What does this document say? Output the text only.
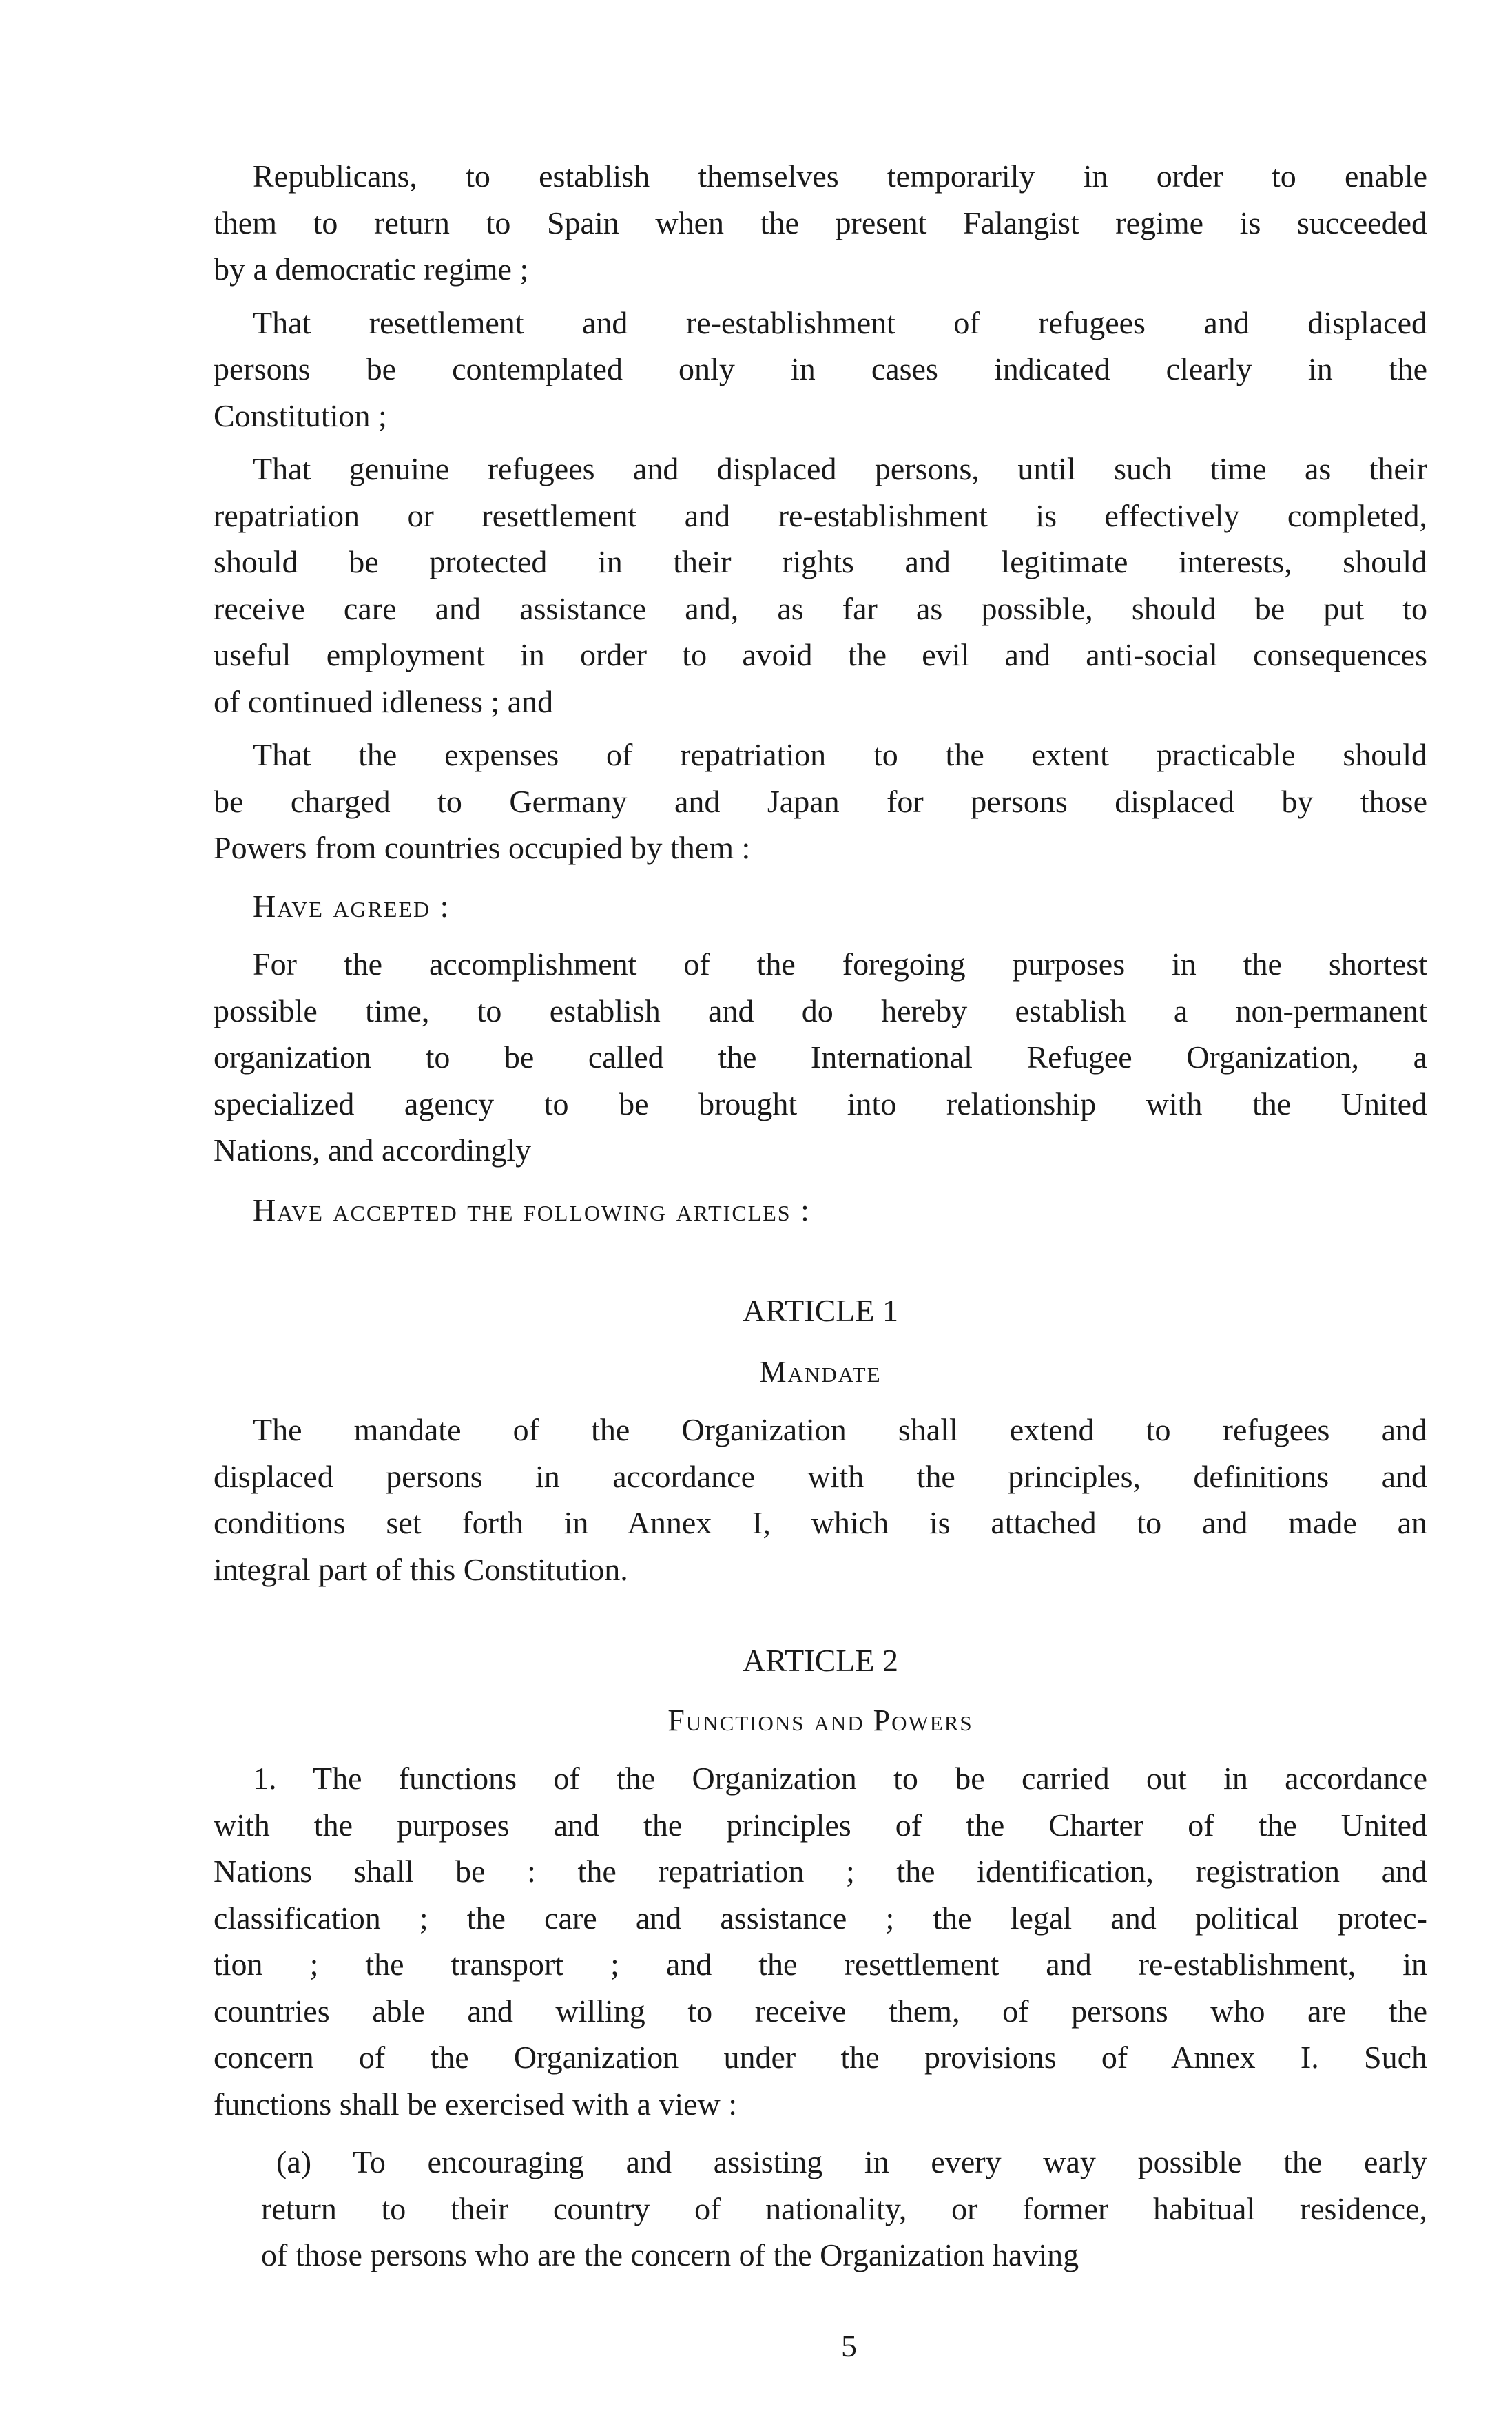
Republicans, to establish themselves temporarily in order to enable
them to return to Spain when the present Falangist regime is succeeded
by a democratic regime ;
That resettlement and re-establishment of refugees and displaced
persons be contemplated only in cases indicated clearly in the
Constitution ;
That genuine refugees and displaced persons, until such time as their
repatriation or resettlement and re-establishment is effectively completed,
should be protected in their rights and legitimate interests, should
receive care and assistance and, as far as possible, should be put to
useful employment in order to avoid the evil and anti-social consequences
of continued idleness ; and
That the expenses of repatriation to the extent practicable should
be charged to Germany and Japan for persons displaced by those
Powers from countries occupied by them :
Have agreed :
For the accomplishment of the foregoing purposes in the shortest
possible time, to establish and do hereby establish a non-permanent
organization to be called the International Refugee Organization, a
specialized agency to be brought into relationship with the United
Nations, and accordingly
Have accepted the following articles :
ARTICLE 1
Mandate
The mandate of the Organization shall extend to refugees and
displaced persons in accordance with the principles, definitions and
conditions set forth in Annex I, which is attached to and made an
integral part of this Constitution.
ARTICLE 2
Functions and Powers
1. The functions of the Organization to be carried out in accordance
with the purposes and the principles of the Charter of the United
Nations shall be : the repatriation ; the identification, registration and
classification ; the care and assistance ; the legal and political protec-
tion ; the transport ; and the resettlement and re-establishment, in
countries able and willing to receive them, of persons who are the
concern of the Organization under the provisions of Annex I. Such
functions shall be exercised with a view :
(a) To encouraging and assisting in every way possible the early
return to their country of nationality, or former habitual residence,
of those persons who are the concern of the Organization having
5
